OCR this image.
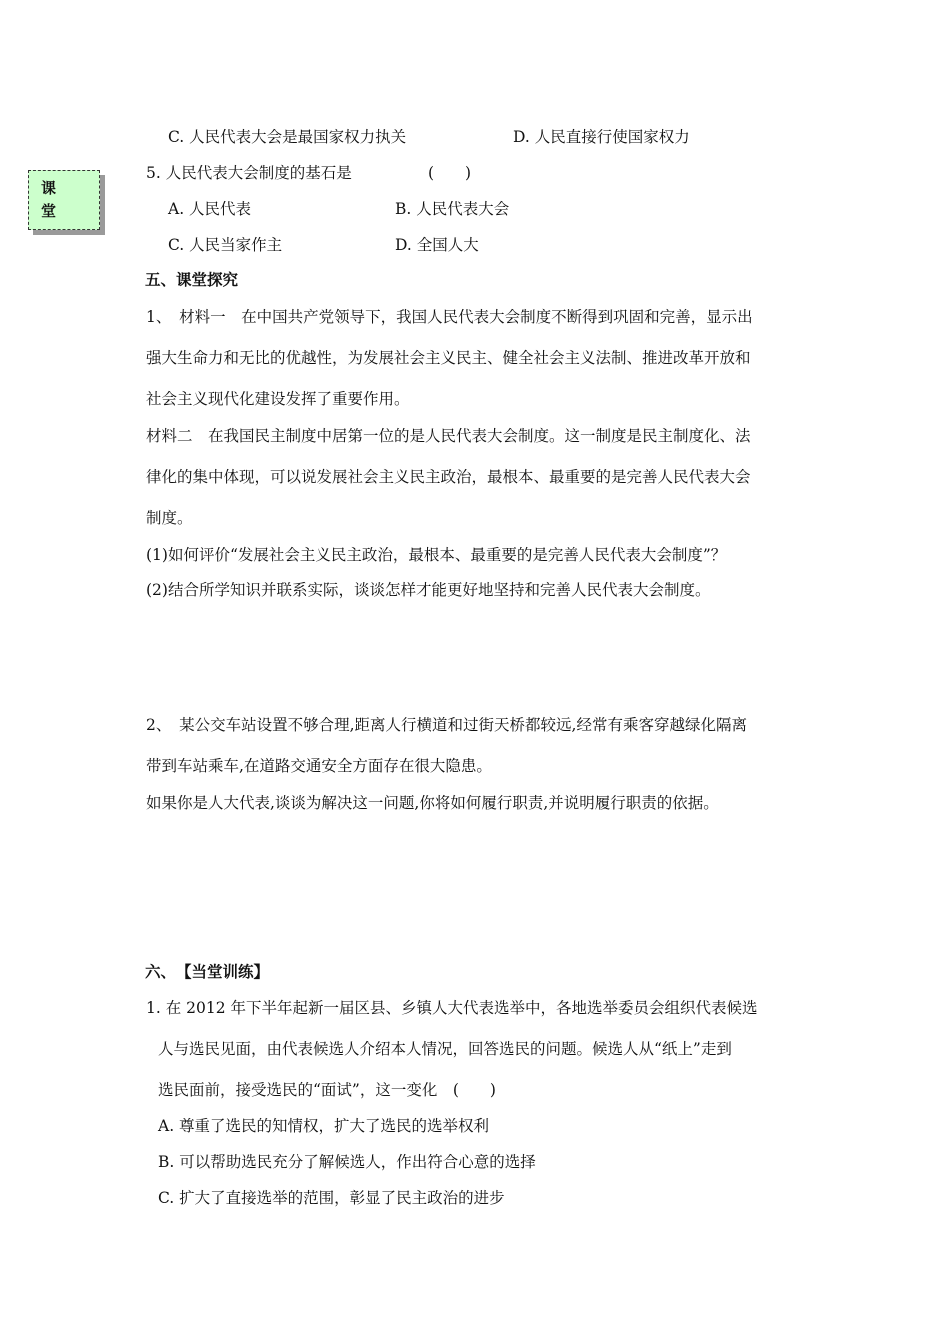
课
堂
C. 人民代表大会是最国家权力执关	D. 人民直接行使国家权力
5. 人民代表大会制度的基石是	(　　)
A. 人民代表	B. 人民代表大会
C. 人民当家作主	D. 全国人大
五、课堂探究
1、　材料一　在中国共产党领导下，我国人民代表大会制度不断得到巩固和完善，显示出
强大生命力和无比的优越性，为发展社会主义民主、健全社会主义法制、推进改革开放和
社会主义现代化建设发挥了重要作用。
材料二　在我国民主制度中居第一位的是人民代表大会制度。这一制度是民主制度化、法
律化的集中体现，可以说发展社会主义民主政治，最根本、最重要的是完善人民代表大会
制度。
(1)如何评价“发展社会主义民主政治，最根本、最重要的是完善人民代表大会制度”？
(2)结合所学知识并联系实际，谈谈怎样才能更好地坚持和完善人民代表大会制度。
2、　某公交车站设置不够合理,距离人行横道和过街天桥都较远,经常有乘客穿越绿化隔离
带到车站乘车,在道路交通安全方面存在很大隐患。
如果你是人大代表,谈谈为解决这一问题,你将如何履行职责,并说明履行职责的依据。
六、　【当堂训练】
1. 在 2012 年下半年起新一届区县、乡镇人大代表选举中，各地选举委员会组织代表候选
人与选民见面，由代表候选人介绍本人情况，回答选民的问题。候选人从“纸上”走到
选民面前，接受选民的“面试”，这一变化　(　　)
A. 尊重了选民的知情权，扩大了选民的选举权利
B. 可以帮助选民充分了解候选人，作出符合心意的选择
C. 扩大了直接选举的范围，彰显了民主政治的进步
